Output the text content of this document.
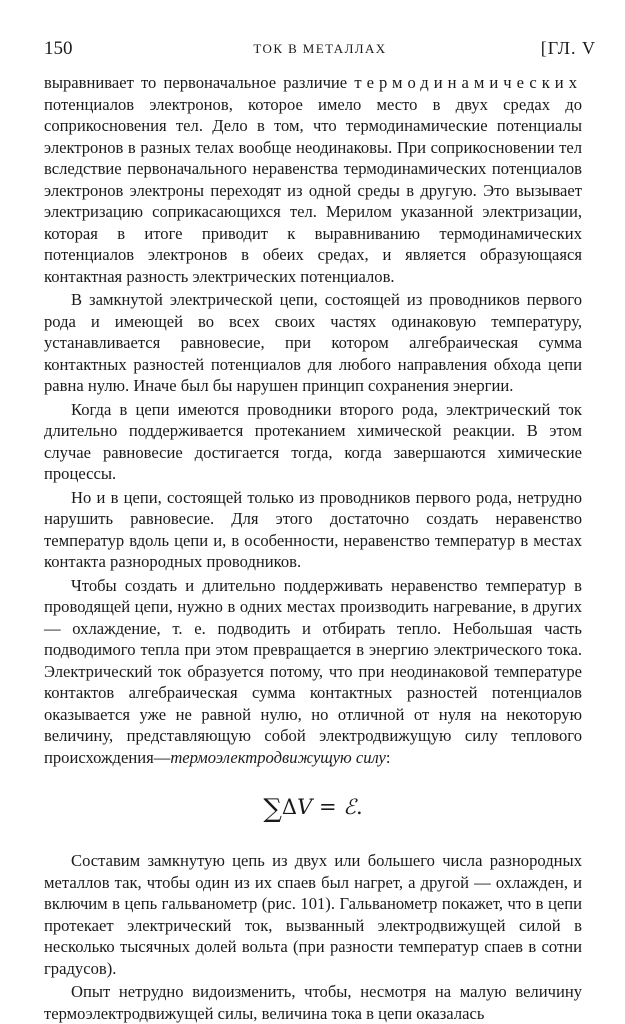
150	ТОК В МЕТАЛЛАХ	[ГЛ. V

выравнивает то первоначальное различие термодинамических потенциалов электронов, которое имело место в двух средах до соприкосновения тел. Дело в том, что термодинамические потенциалы электронов в разных телах вообще неодинаковы. При соприкосновении тел вследствие первоначального неравенства термодинамических потенциалов электронов электроны переходят из одной среды в другую. Это вызывает электризацию соприкасающихся тел. Мерилом указанной электризации, которая в итоге приводит к выравниванию термодинамических потенциалов электронов в обеих средах, и является образующаяся контактная разность электрических потенциалов.

В замкнутой электрической цепи, состоящей из проводников первого рода и имеющей во всех своих частях одинаковую температуру, устанавливается равновесие, при котором алгебраическая сумма контактных разностей потенциалов для любого направления обхода цепи равна нулю. Иначе был бы нарушен принцип сохранения энергии.

Когда в цепи имеются проводники второго рода, электрический ток длительно поддерживается протеканием химической реакции. В этом случае равновесие достигается тогда, когда завершаются химические процессы.

Но и в цепи, состоящей только из проводников первого рода, нетрудно нарушить равновесие. Для этого достаточно создать неравенство температур вдоль цепи и, в особенности, неравенство температур в местах контакта разнородных проводников.

Чтобы создать и длительно поддерживать неравенство температур в проводящей цепи, нужно в одних местах производить нагревание, в других — охлаждение, т. е. подводить и отбирать тепло. Небольшая часть подводимого тепла при этом превращается в энергию электрического тока. Электрический ток образуется потому, что при неодинаковой температуре контактов алгебраическая сумма контактных разностей потенциалов оказывается уже не равной нулю, но отличной от нуля на некоторую величину, представляющую собой электродвижущую силу теплового происхождения—термоэлектродвижущую силу:

∑ΔV = ℰ.

Составим замкнутую цепь из двух или большего числа разнородных металлов так, чтобы один из их спаев был нагрет, а другой — охлажден, и включим в цепь гальванометр (рис. 101). Гальванометр покажет, что в цепи протекает электрический ток, вызванный электродвижущей силой в несколько тысячных долей вольта (при разности температур спаев в сотни градусов).

Опыт нетрудно видоизменить, чтобы, несмотря на малую величину термоэлектродвижущей силы, величина тока в цепи оказалась
